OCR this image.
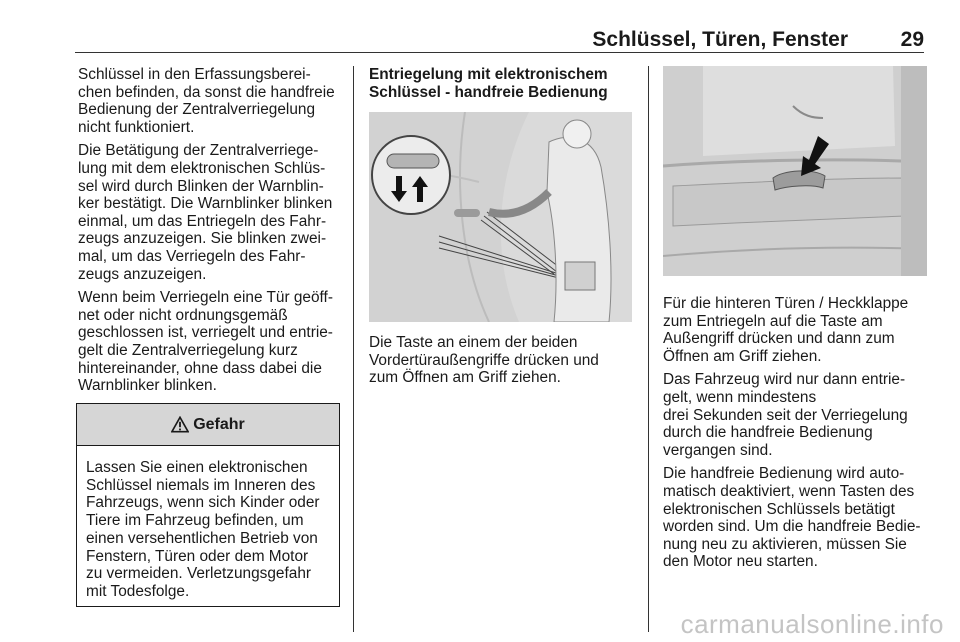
Schlüssel, Türen, Fenster	29

Schlüssel in den Erfassungsberei-
chen befinden, da sonst die handfreie
Bedienung der Zentralverriegelung
nicht funktioniert.

Die Betätigung der Zentralverriege-
lung mit dem elektronischen Schlüs-
sel wird durch Blinken der Warnblin-
ker bestätigt. Die Warnblinker blinken
einmal, um das Entriegeln des Fahr-
zeugs anzuzeigen. Sie blinken zwei-
mal, um das Verriegeln des Fahr-
zeugs anzuzeigen.

Wenn beim Verriegeln eine Tür geöff-
net oder nicht ordnungsgemäß
geschlossen ist, verriegelt und entrie-
gelt die Zentralverriegelung kurz
hintereinander, ohne dass dabei die
Warnblinker blinken.

Gefahr
Lassen Sie einen elektronischen
Schlüssel niemals im Inneren des
Fahrzeugs, wenn sich Kinder oder
Tiere im Fahrzeug befinden, um
einen versehentlichen Betrieb von
Fenstern, Türen oder dem Motor
zu vermeiden. Verletzungsgefahr
mit Todesfolge.
Entriegelung mit elektronischem
Schlüssel - handfreie Bedienung
Die Taste an einem der beiden
Vordertüraußengriffe drücken und
zum Öffnen am Griff ziehen.

Für die hinteren Türen / Heckklappe
zum Entriegeln auf die Taste am
Außengriff drücken und dann zum
Öffnen am Griff ziehen.

Das Fahrzeug wird nur dann entrie-
gelt, wenn mindestens
drei Sekunden seit der Verriegelung
durch die handfreie Bedienung
vergangen sind.

Die handfreie Bedienung wird auto-
matisch deaktiviert, wenn Tasten des
elektronischen Schlüssels betätigt
worden sind. Um die handfreie Bedie-
nung neu zu aktivieren, müssen Sie
den Motor neu starten.

carmanualsonline.info
